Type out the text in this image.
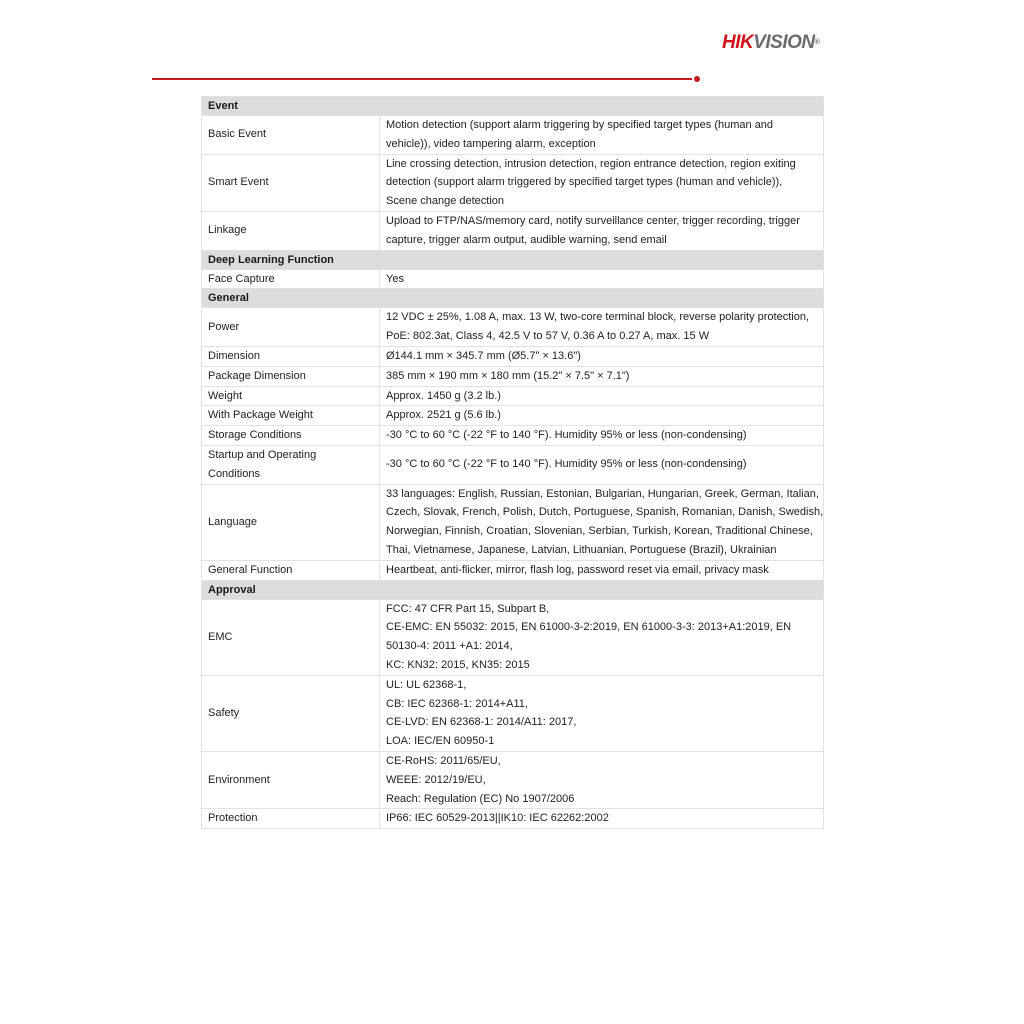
HIKVISION®
Event	

Basic Event	Motion detection (support alarm triggering by specified target types (human and
vehicle)), video tampering alarm, exception

Smart Event	Line crossing detection, intrusion detection, region entrance detection, region exiting
detection (support alarm triggered by specified target types (human and vehicle)),
Scene change detection

Linkage	Upload to FTP/NAS/memory card, notify surveillance center, trigger recording, trigger
capture, trigger alarm output, audible warning, send email

Deep Learning Function	

Face Capture	Yes

General	

Power	12 VDC ± 25%, 1.08 A, max. 13 W, two-core terminal block, reverse polarity protection,
PoE: 802.3at, Class 4, 42.5 V to 57 V, 0.36 A to 0.27 A, max. 15 W

Dimension	Ø144.1 mm × 345.7 mm (Ø5.7" × 13.6")

Package Dimension	385 mm × 190 mm × 180 mm (15.2" × 7.5" × 7.1")

Weight	Approx. 1450 g (3.2 lb.)

With Package Weight	Approx. 2521 g (5.6 lb.)

Storage Conditions	-30 °C to 60 °C (-22 °F to 140 °F). Humidity 95% or less (non-condensing)

Startup and Operating
Conditions	-30 °C to 60 °C (-22 °F to 140 °F). Humidity 95% or less (non-condensing)

Language	33 languages: English, Russian, Estonian, Bulgarian, Hungarian, Greek, German, Italian,
Czech, Slovak, French, Polish, Dutch, Portuguese, Spanish, Romanian, Danish, Swedish,
Norwegian, Finnish, Croatian, Slovenian, Serbian, Turkish, Korean, Traditional Chinese,
Thai, Vietnamese, Japanese, Latvian, Lithuanian, Portuguese (Brazil), Ukrainian

General Function	Heartbeat, anti-flicker, mirror, flash log, password reset via email, privacy mask

Approval	

EMC	FCC: 47 CFR Part 15, Subpart B,
CE-EMC: EN 55032: 2015, EN 61000-3-2:2019, EN 61000-3-3: 2013+A1:2019, EN
50130-4: 2011 +A1: 2014,
KC: KN32: 2015, KN35: 2015

Safety	UL: UL 62368-1,
CB: IEC 62368-1: 2014+A11,
CE-LVD: EN 62368-1: 2014/A11: 2017,
LOA: IEC/EN 60950-1

Environment	CE-RoHS: 2011/65/EU,
WEEE: 2012/19/EU,
Reach: Regulation (EC) No 1907/2006

Protection	IP66: IEC 60529-2013||IK10: IEC 62262:2002
